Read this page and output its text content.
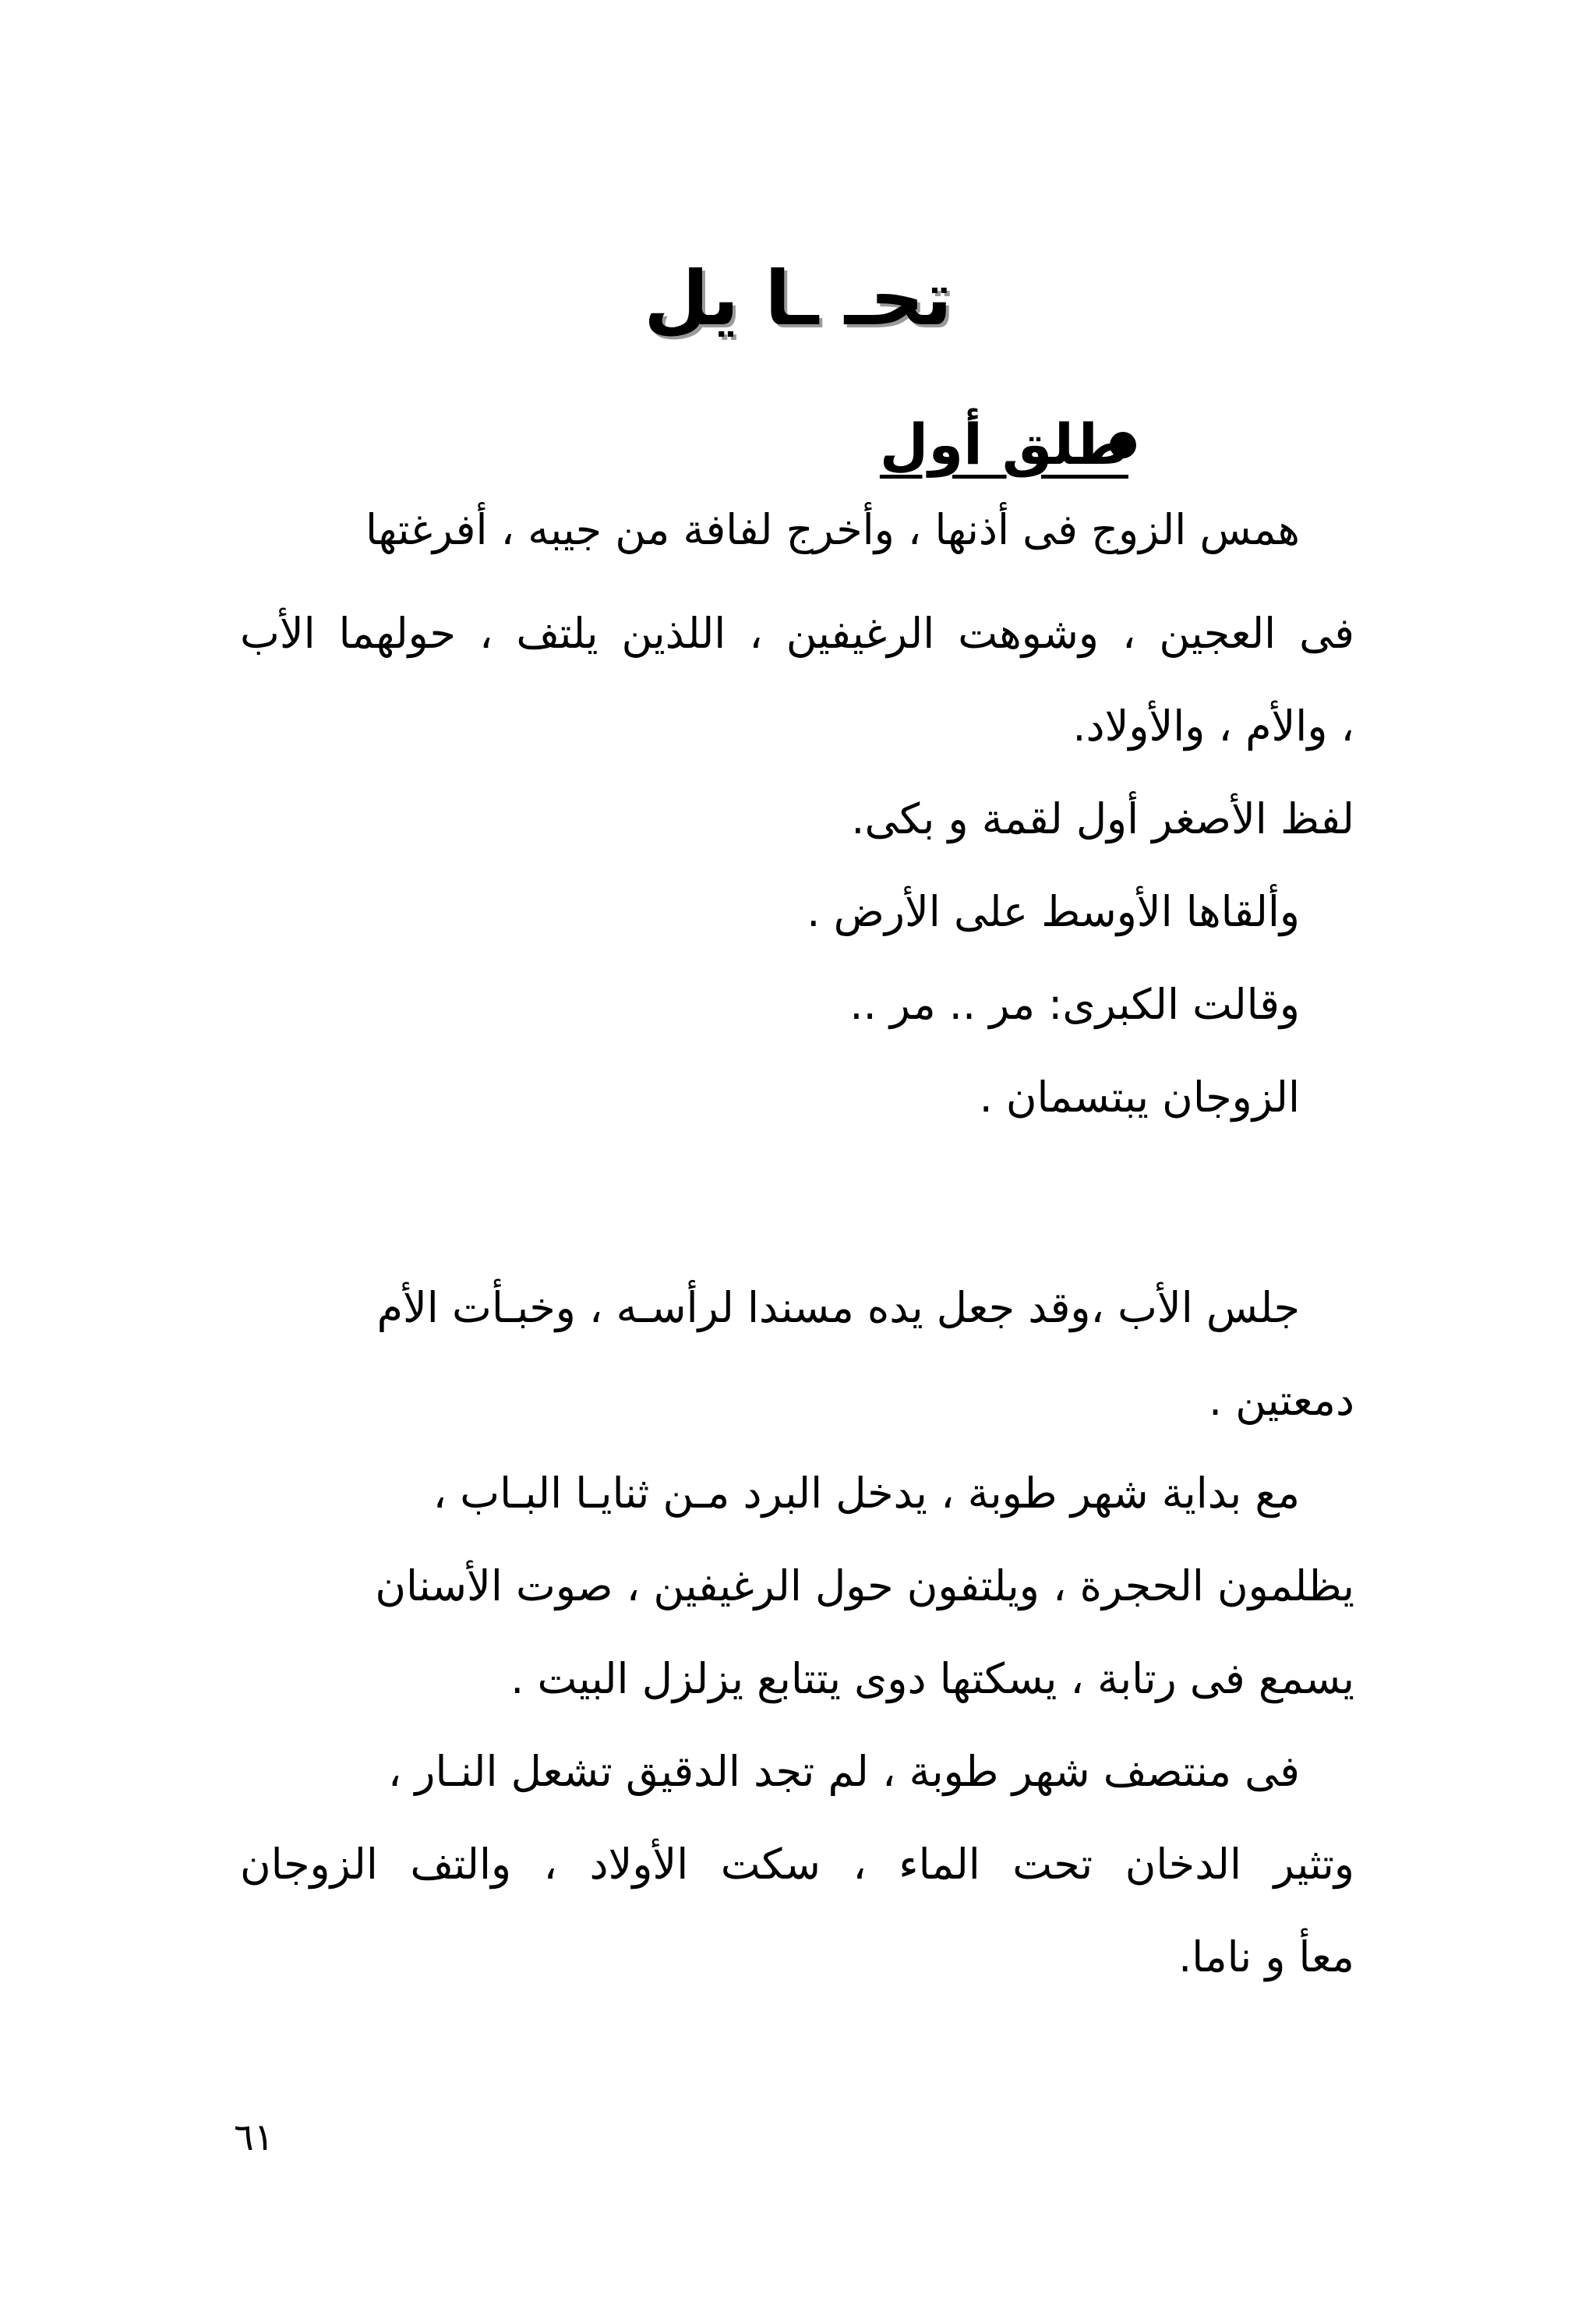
تحـ ـا يل
طلق أول

همس الزوج فى أذنها ، وأخرج لفافة من جيبه ، أفرغتها

فى العجين ، وشوهت الرغيفين ، اللذين يلتف ، حولهما الأب

، والأم ، والأولاد.

لفظ الأصغر أول لقمة و بكى.

وألقاها الأوسط على الأرض .

وقالت الكبرى: مر .. مر ..

الزوجان يبتسمان .

جلس الأب ،وقد جعل يده مسندا لرأسـه ، وخبـأت الأم

دمعتين .

مع بداية شهر طوبة ، يدخل البرد مـن ثنايـا البـاب ،

يظلمون الحجرة ، ويلتفون حول الرغيفين ، صوت الأسنان

يسمع فى رتابة ، يسكتها دوى يتتابع يزلزل البيت .

فى منتصف شهر طوبة ، لم تجد الدقيق تشعل النـار ،

وتثير الدخان تحت الماء ، سكت الأولاد ، والتف الزوجان

معأ و ناما.

٦١
